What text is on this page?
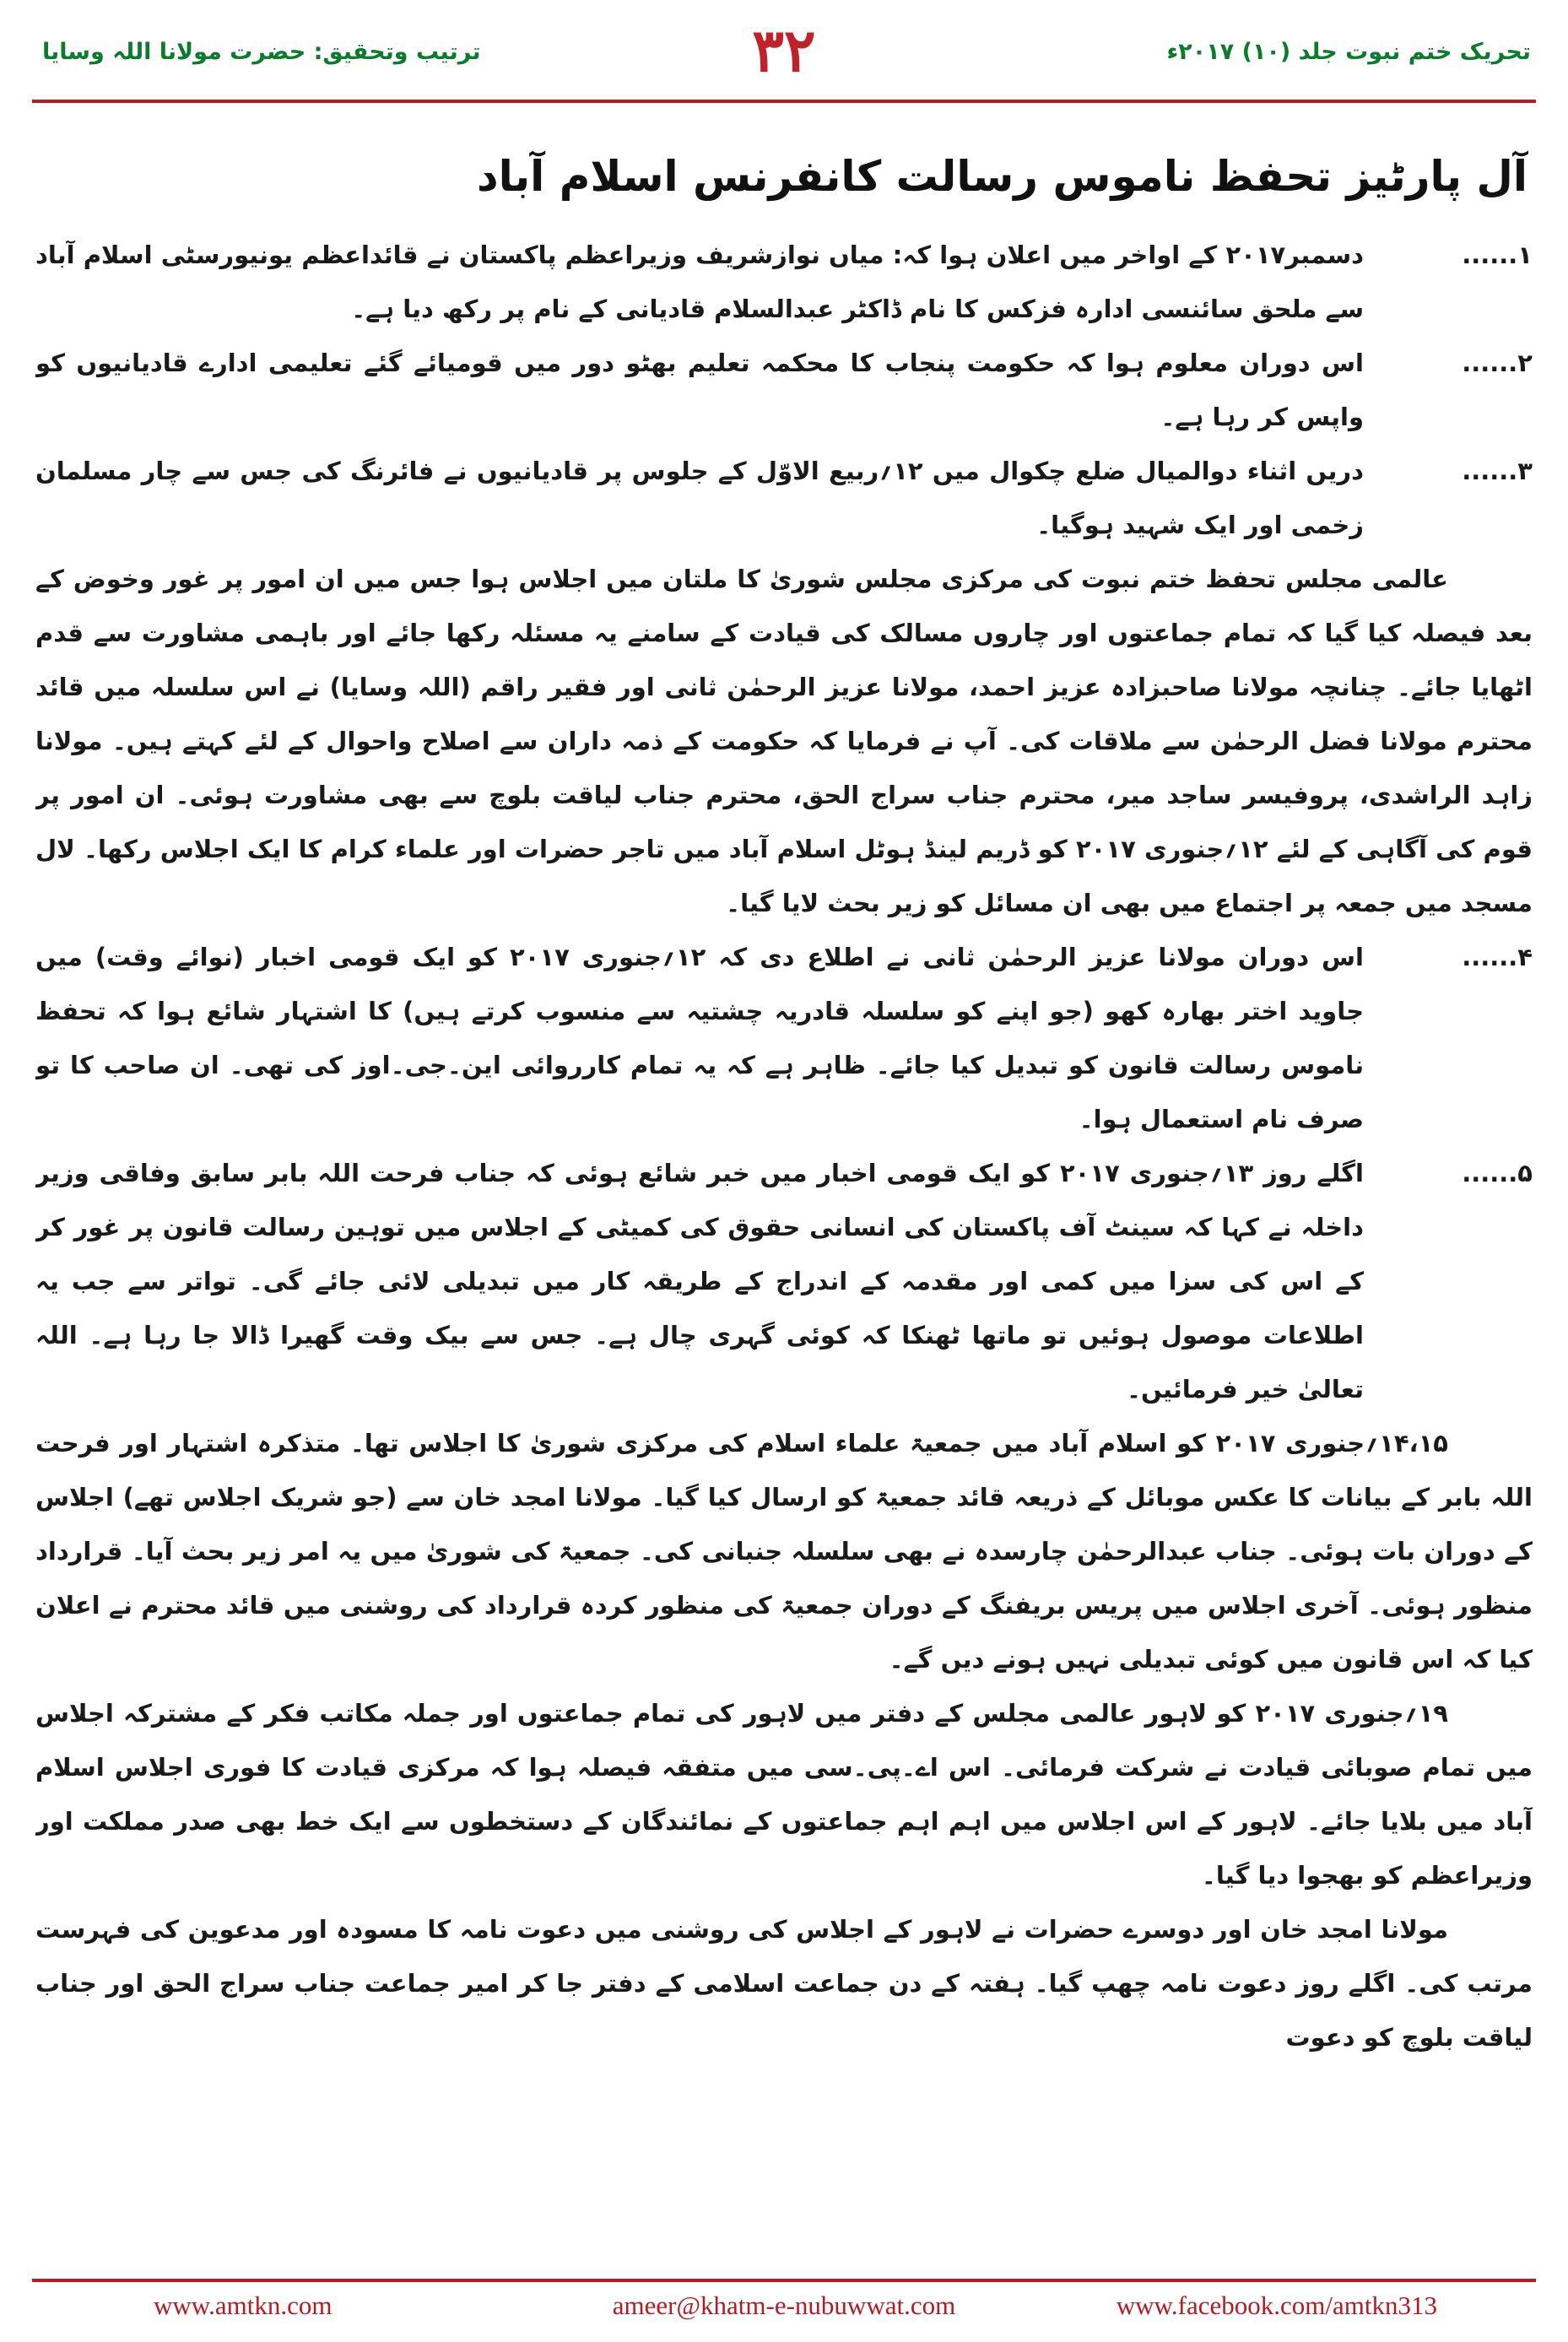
تحریک ختم نبوت جلد (۱۰) ۲۰۱۷ء
۳۲
ترتیب وتحقیق: حضرت مولانا اللہ وسایا
آل پارٹیز تحفظ ناموس رسالت کانفرنس اسلام آباد

۱......
دسمبر۲۰۱۷ کے اواخر میں اعلان ہوا کہ: میاں نوازشریف وزیراعظم پاکستان نے قائداعظم یونیورسٹی اسلام آباد سے ملحق سائنسی ادارہ فزکس کا نام ڈاکٹر عبدالسلام قادیانی کے نام پر رکھ دیا ہے۔

۲......
اس دوران معلوم ہوا کہ حکومت پنجاب کا محکمہ تعلیم بھٹو دور میں قومیائے گئے تعلیمی ادارے قادیانیوں کو واپس کر رہا ہے۔

۳......
دریں اثناء دوالمیال ضلع چکوال میں ۱۲؍ربیع الاوّل کے جلوس پر قادیانیوں نے فائرنگ کی جس سے چار مسلمان زخمی اور ایک شہید ہوگیا۔

عالمی مجلس تحفظ ختم نبوت کی مرکزی مجلس شوریٰ کا ملتان میں اجلاس ہوا جس میں ان امور پر غور وخوض کے بعد فیصلہ کیا گیا کہ تمام جماعتوں اور چاروں مسالک کی قیادت کے سامنے یہ مسئلہ رکھا جائے اور باہمی مشاورت سے قدم اٹھایا جائے۔ چنانچہ مولانا صاحبزادہ عزیز احمد، مولانا عزیز الرحمٰن ثانی اور فقیر راقم (اللہ وسایا) نے اس سلسلہ میں قائد محترم مولانا فضل الرحمٰن سے ملاقات کی۔ آپ نے فرمایا کہ حکومت کے ذمہ داران سے اصلاح واحوال کے لئے کہتے ہیں۔ مولانا زاہد الراشدی، پروفیسر ساجد میر، محترم جناب سراج الحق، محترم جناب لیاقت بلوچ سے بھی مشاورت ہوئی۔ ان امور پر قوم کی آگاہی کے لئے ۱۲؍جنوری ۲۰۱۷ کو ڈریم لینڈ ہوٹل اسلام آباد میں تاجر حضرات اور علماء کرام کا ایک اجلاس رکھا۔ لال مسجد میں جمعہ پر اجتماع میں بھی ان مسائل کو زیر بحث لایا گیا۔

۴......
اس دوران مولانا عزیز الرحمٰن ثانی نے اطلاع دی کہ ۱۲؍جنوری ۲۰۱۷ کو ایک قومی اخبار (نوائے وقت) میں جاوید اختر بھارہ کھو (جو اپنے کو سلسلہ قادریہ چشتیہ سے منسوب کرتے ہیں) کا اشتہار شائع ہوا کہ تحفظ ناموس رسالت قانون کو تبدیل کیا جائے۔ ظاہر ہے کہ یہ تمام کارروائی این۔جی۔اوز کی تھی۔ ان صاحب کا تو صرف نام استعمال ہوا۔

۵......
اگلے روز ۱۳؍جنوری ۲۰۱۷ کو ایک قومی اخبار میں خبر شائع ہوئی کہ جناب فرحت اللہ بابر سابق وفاقی وزیر داخلہ نے کہا کہ سینٹ آف پاکستان کی انسانی حقوق کی کمیٹی کے اجلاس میں توہین رسالت قانون پر غور کر کے اس کی سزا میں کمی اور مقدمہ کے اندراج کے طریقہ کار میں تبدیلی لائی جائے گی۔ تواتر سے جب یہ اطلاعات موصول ہوئیں تو ماتھا ٹھنکا کہ کوئی گہری چال ہے۔ جس سے بیک وقت گھیرا ڈالا جا رہا ہے۔ اللہ تعالیٰ خیر فرمائیں۔

۱۴،۱۵؍جنوری ۲۰۱۷ کو اسلام آباد میں جمعیۃ علماء اسلام کی مرکزی شوریٰ کا اجلاس تھا۔ متذکرہ اشتہار اور فرحت اللہ بابر کے بیانات کا عکس موبائل کے ذریعہ قائد جمعیۃ کو ارسال کیا گیا۔ مولانا امجد خان سے (جو شریک اجلاس تھے) اجلاس کے دوران بات ہوئی۔ جناب عبدالرحمٰن چارسدہ نے بھی سلسلہ جنبانی کی۔ جمعیۃ کی شوریٰ میں یہ امر زیر بحث آیا۔ قرارداد منظور ہوئی۔ آخری اجلاس میں پریس بریفنگ کے دوران جمعیۃ کی منظور کردہ قرارداد کی روشنی میں قائد محترم نے اعلان کیا کہ اس قانون میں کوئی تبدیلی نہیں ہونے دیں گے۔

۱۹؍جنوری ۲۰۱۷ کو لاہور عالمی مجلس کے دفتر میں لاہور کی تمام جماعتوں اور جملہ مکاتب فکر کے مشترکہ اجلاس میں تمام صوبائی قیادت نے شرکت فرمائی۔ اس اے۔پی۔سی میں متفقہ فیصلہ ہوا کہ مرکزی قیادت کا فوری اجلاس اسلام آباد میں بلایا جائے۔ لاہور کے اس اجلاس میں اہم اہم جماعتوں کے نمائندگان کے دستخطوں سے ایک خط بھی صدر مملکت اور وزیراعظم کو بھجوا دیا گیا۔

مولانا امجد خان اور دوسرے حضرات نے لاہور کے اجلاس کی روشنی میں دعوت نامہ کا مسودہ اور مدعوین کی فہرست مرتب کی۔ اگلے روز دعوت نامہ چھپ گیا۔ ہفتہ کے دن جماعت اسلامی کے دفتر جا کر امیر جماعت جناب سراج الحق اور جناب لیاقت بلوچ کو دعوت

www.amtkn.com	ameer@khatm-e-nubuwwat.com	www.facebook.com/amtkn313
